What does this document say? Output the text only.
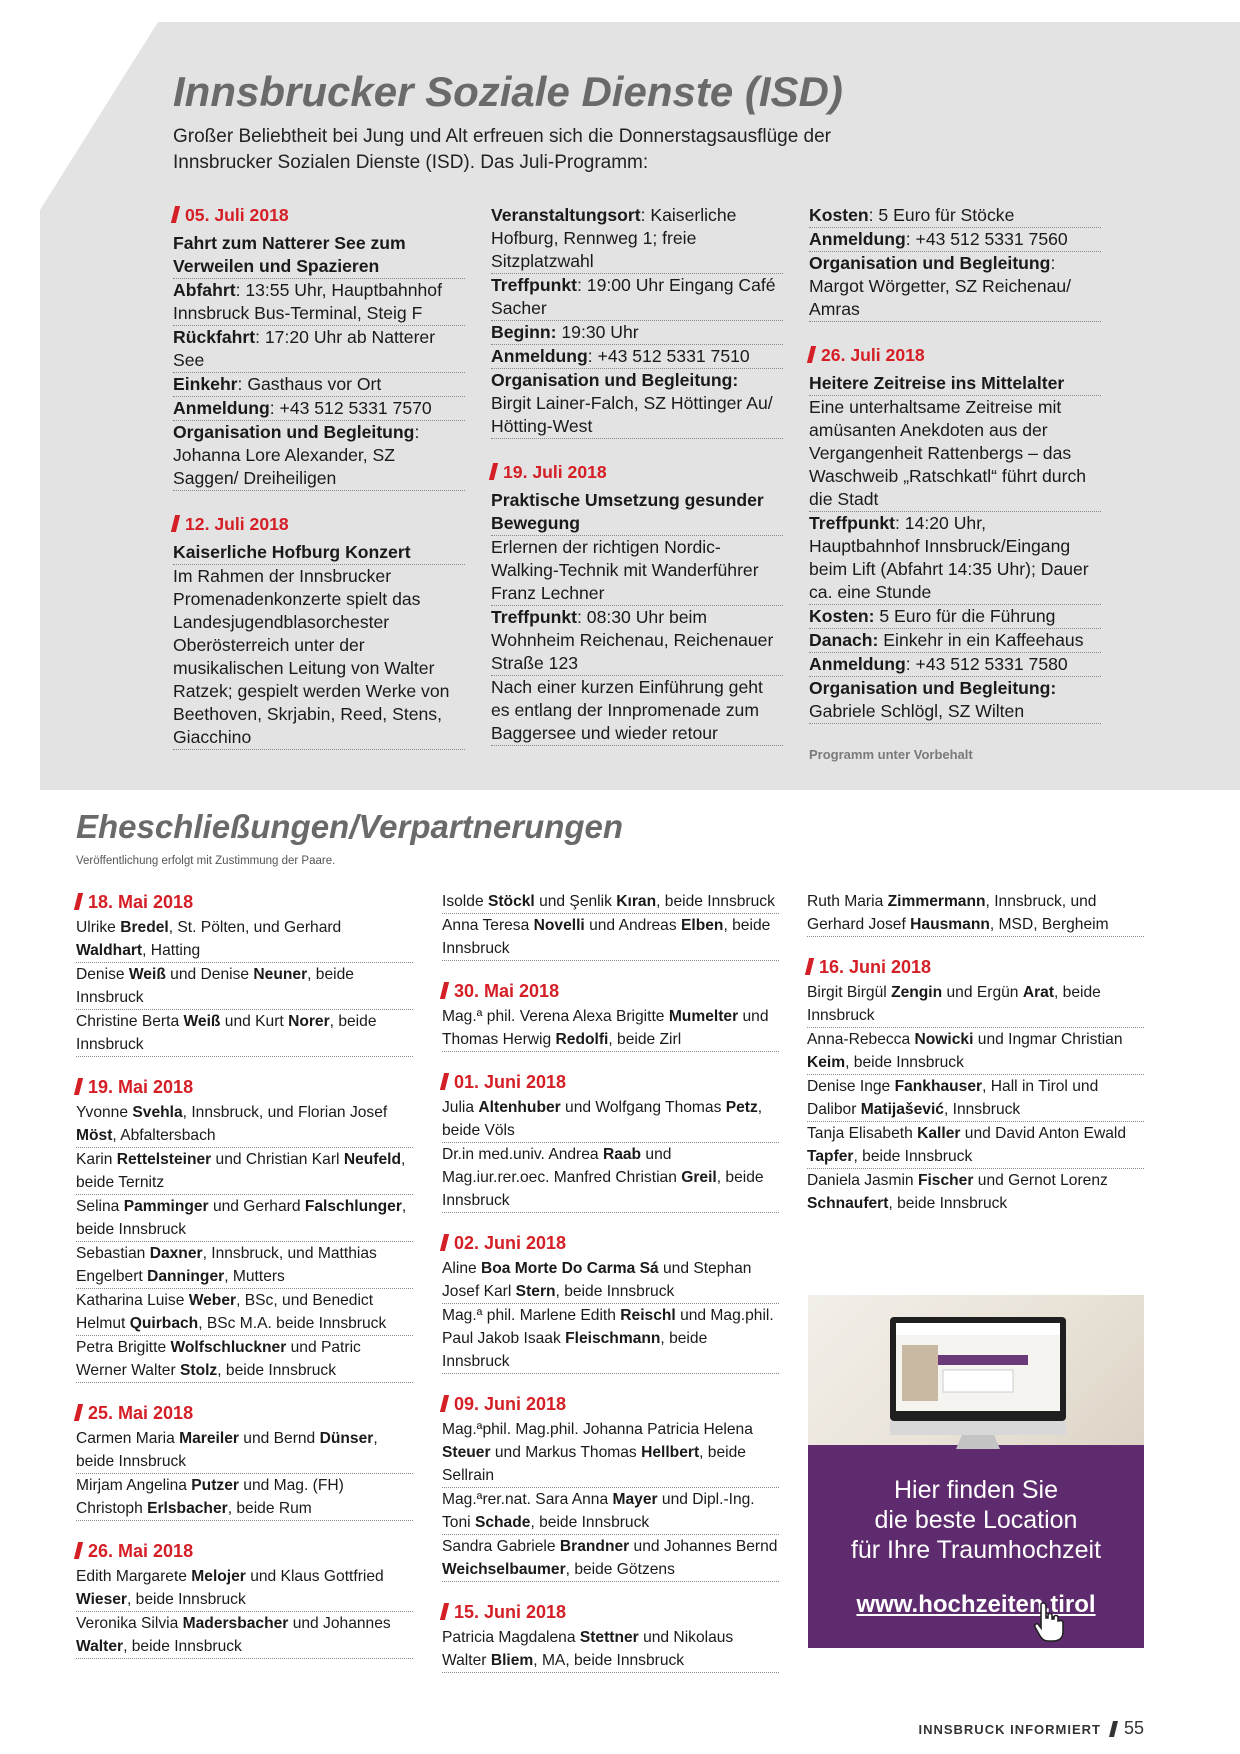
Innsbrucker Soziale Dienste (ISD)

Großer Beliebtheit bei Jung und Alt erfreuen sich die Donnerstagsausflüge der Innsbrucker Sozialen Dienste (ISD). Das Juli-Programm:

05. Juli 2018

Fahrt zum Natterer See zum Verweilen und Spazieren

Abfahrt: 13:55 Uhr, Hauptbahnhof Innsbruck Bus-Terminal, Steig F

Rückfahrt: 17:20 Uhr ab Natterer See

Einkehr: Gasthaus vor Ort

Anmeldung: +43 512 5331 7570

Organisation und Begleitung: Johanna Lore Alexander, SZ Saggen/ Dreiheiligen

12. Juli 2018

Kaiserliche Hofburg Konzert

Im Rahmen der Innsbrucker Promenadenkonzerte spielt das Landesjugendblasorchester Oberösterreich unter der musikalischen Leitung von Walter Ratzek; gespielt werden Werke von Beethoven, Skrjabin, Reed, Stens, Giacchino

Veranstaltungsort: Kaiserliche Hofburg, Rennweg 1; freie Sitzplatzwahl

Treffpunkt: 19:00 Uhr Eingang Café Sacher

Beginn: 19:30 Uhr

Anmeldung: +43 512 5331 7510

Organisation und Begleitung: Birgit Lainer-Falch, SZ Höttinger Au/ Hötting-West

19. Juli 2018

Praktische Umsetzung gesunder Bewegung

Erlernen der richtigen Nordic-Walking-Technik mit Wanderführer Franz Lechner

Treffpunkt: 08:30 Uhr beim Wohnheim Reichenau, Reichenauer Straße 123

Nach einer kurzen Einführung geht es entlang der Innpromenade zum Baggersee und wieder retour

Kosten: 5 Euro für Stöcke

Anmeldung: +43 512 5331 7560

Organisation und Begleitung: Margot Wörgetter, SZ Reichenau/ Amras

26. Juli 2018

Heitere Zeitreise ins Mittelalter

Eine unterhaltsame Zeitreise mit amüsanten Anekdoten aus der Vergangenheit Rattenbergs – das Waschweib „Ratschkatl“ führt durch die Stadt

Treffpunkt: 14:20 Uhr, Hauptbahnhof Innsbruck/Eingang beim Lift (Abfahrt 14:35 Uhr); Dauer ca. eine Stunde

Kosten: 5 Euro für die Führung

Danach: Einkehr in ein Kaffeehaus

Anmeldung: +43 512 5331 7580

Organisation und Begleitung: Gabriele Schlögl, SZ Wilten

Programm unter Vorbehalt
Eheschließungen/Verpartnerungen

Veröffentlichung erfolgt mit Zustimmung der Paare.

18. Mai 2018

Ulrike Bredel, St. Pölten, und Gerhard Waldhart, Hatting

Denise Weiß und Denise Neuner, beide Innsbruck

Christine Berta Weiß und Kurt Norer, beide Innsbruck

19. Mai 2018

Yvonne Svehla, Innsbruck, und Florian Josef Möst, Abfaltersbach

Karin Rettelsteiner und Christian Karl Neufeld, beide Ternitz

Selina Pamminger und Gerhard Falschlunger, beide Innsbruck

Sebastian Daxner, Innsbruck, und Matthias Engelbert Danninger, Mutters

Katharina Luise Weber, BSc, und Benedict Helmut Quirbach, BSc M.A. beide Innsbruck

Petra Brigitte Wolfschluckner und Patric Werner Walter Stolz, beide Innsbruck

25. Mai 2018

Carmen Maria Mareiler und Bernd Dünser, beide Innsbruck

Mirjam Angelina Putzer und Mag. (FH) Christoph Erlsbacher, beide Rum

26. Mai 2018

Edith Margarete Melojer und Klaus Gottfried Wieser, beide Innsbruck

Veronika Silvia Madersbacher und Johannes Walter, beide Innsbruck

Isolde Stöckl und Şenlik Kıran, beide Innsbruck

Anna Teresa Novelli und Andreas Elben, beide Innsbruck

30. Mai 2018

Mag.ª phil. Verena Alexa Brigitte Mumelter und Thomas Herwig Redolfi, beide Zirl

01. Juni 2018

Julia Altenhuber und Wolfgang Thomas Petz, beide Völs

Dr.in med.univ. Andrea Raab und Mag.iur.rer.oec. Manfred Christian Greil, beide Innsbruck

02. Juni 2018

Aline Boa Morte Do Carma Sá und Stephan Josef Karl Stern, beide Innsbruck

Mag.ª phil. Marlene Edith Reischl und Mag.phil. Paul Jakob Isaak Fleischmann, beide Innsbruck

09. Juni 2018

Mag.ªphil. Mag.phil. Johanna Patricia Helena Steuer und Markus Thomas Hellbert, beide Sellrain

Mag.ªrer.nat. Sara Anna Mayer und Dipl.-Ing. Toni Schade, beide Innsbruck

Sandra Gabriele Brandner und Johannes Bernd Weichselbaumer, beide Götzens

15. Juni 2018

Patricia Magdalena Stettner und Nikolaus Walter Bliem, MA, beide Innsbruck

Ruth Maria Zimmermann, Innsbruck, und Gerhard Josef Hausmann, MSD, Bergheim

16. Juni 2018

Birgit Birgül Zengin und Ergün Arat, beide Innsbruck

Anna-Rebecca Nowicki und Ingmar Christian Keim, beide Innsbruck

Denise Inge Fankhauser, Hall in Tirol und Dalibor Matijašević, Innsbruck

Tanja Elisabeth Kaller und David Anton Ewald Tapfer, beide Innsbruck

Daniela Jasmin Fischer und Gernot Lorenz Schnaufert, beide Innsbruck

Hier finden Sie
die beste Location
für Ihre Traumhochzeit

www.hochzeiten.tirol
INNSBRUCK INFORMIERT 55
